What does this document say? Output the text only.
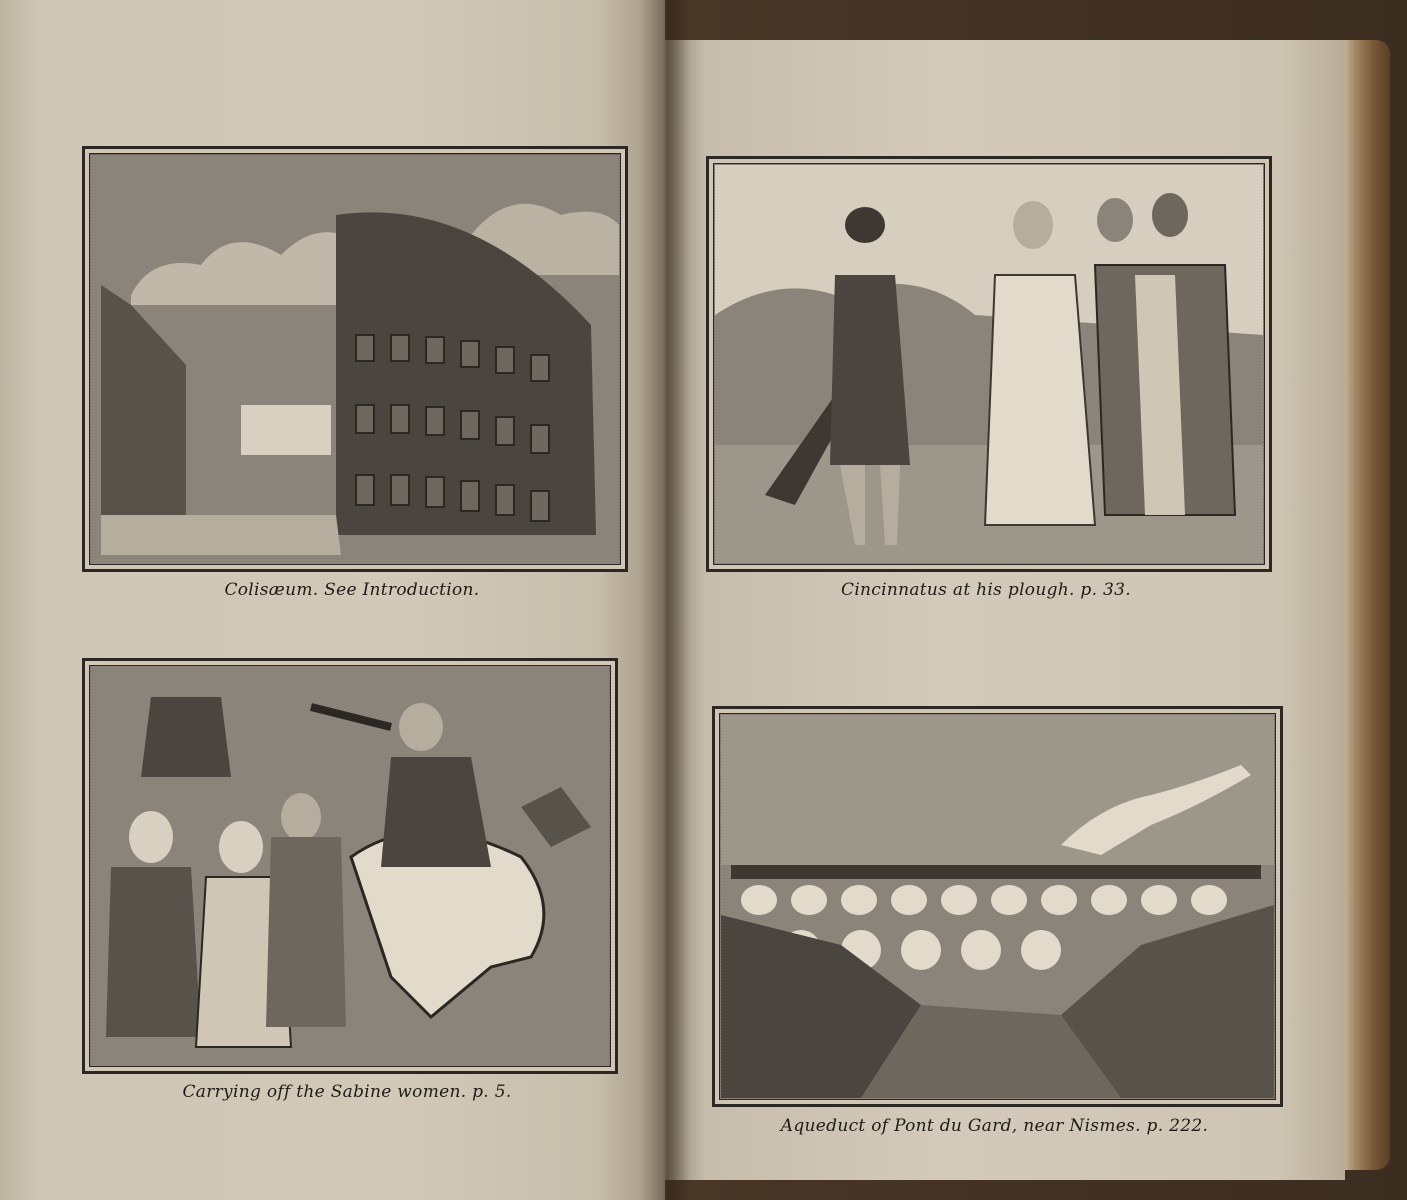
Colisæum. See Introduction.	Cincinnatus at his plough. p. 33.
Carrying off the Sabine women. p. 5.
Aqueduct of Pont du Gard, near Nismes. p. 222.
